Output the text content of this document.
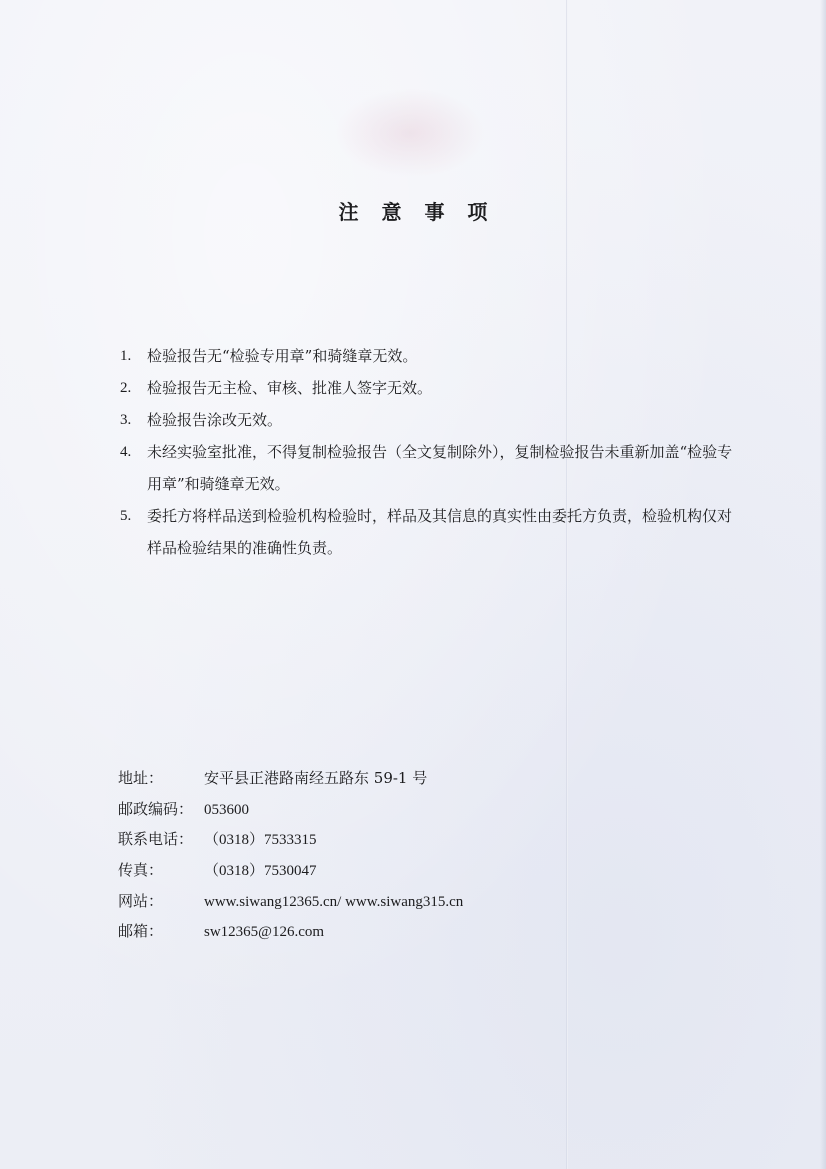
注 意 事 项
1.	检验报告无“检验专用章”和骑缝章无效。
2.	检验报告无主检、审核、批准人签字无效。
3.	检验报告涂改无效。
4.	未经实验室批准，不得复制检验报告（全文复制除外），复制检验报告未重新加盖“检验专用章”和骑缝章无效。
5.	委托方将样品送到检验机构检验时，样品及其信息的真实性由委托方负责，检验机构仅对样品检验结果的准确性负责。
地址：	安平县正港路南经五路东 59-1 号
邮政编码： 053600
联系电话： （0318）7533315
传真：	（0318）7530047
网站：	www.siwang12365.cn/ www.siwang315.cn
邮箱：	sw12365@126.com
